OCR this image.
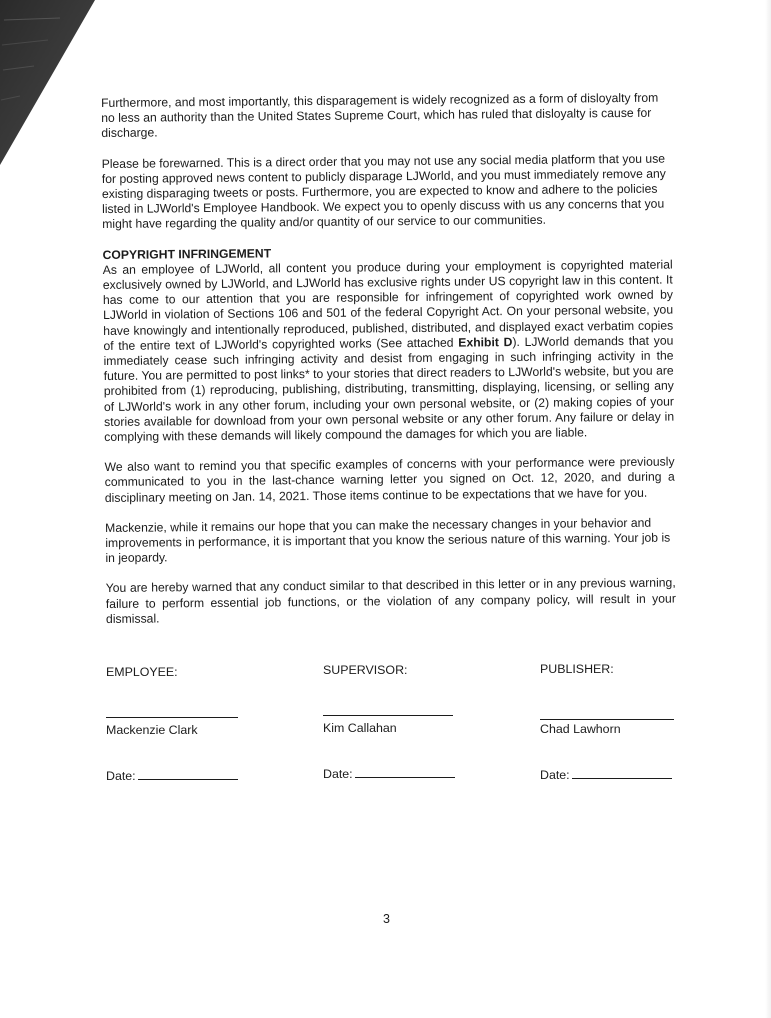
Furthermore, and most importantly, this disparagement is widely recognized as a form of disloyalty from no less an authority than the United States Supreme Court, which has ruled that disloyalty is cause for discharge.

Please be forewarned. This is a direct order that you may not use any social media platform that you use for posting approved news content to publicly disparage LJWorld, and you must immediately remove any existing disparaging tweets or posts. Furthermore, you are expected to know and adhere to the policies listed in LJWorld's Employee Handbook. We expect you to openly discuss with us any concerns that you might have regarding the quality and/or quantity of our service to our communities.

COPYRIGHT INFRINGEMENT

As an employee of LJWorld, all content you produce during your employment is copyrighted material exclusively owned by LJWorld, and LJWorld has exclusive rights under US copyright law in this content. It has come to our attention that you are responsible for infringement of copyrighted work owned by LJWorld in violation of Sections 106 and 501 of the federal Copyright Act. On your personal website, you have knowingly and intentionally reproduced, published, distributed, and displayed exact verbatim copies of the entire text of LJWorld's copyrighted works (See attached Exhibit D). LJWorld demands that you immediately cease such infringing activity and desist from engaging in such infringing activity in the future. You are permitted to post links* to your stories that direct readers to LJWorld's website, but you are prohibited from (1) reproducing, publishing, distributing, transmitting, displaying, licensing, or selling any of LJWorld's work in any other forum, including your own personal website, or (2) making copies of your stories available for download from your own personal website or any other forum. Any failure or delay in complying with these demands will likely compound the damages for which you are liable.

We also want to remind you that specific examples of concerns with your performance were previously communicated to you in the last-chance warning letter you signed on Oct. 12, 2020, and during a disciplinary meeting on Jan. 14, 2021. Those items continue to be expectations that we have for you.

Mackenzie, while it remains our hope that you can make the necessary changes in your behavior and improvements in performance, it is important that you know the serious nature of this warning. Your job is in jeopardy.

You are hereby warned that any conduct similar to that described in this letter or in any previous warning, failure to perform essential job functions, or the violation of any company policy, will result in your dismissal.

EMPLOYEE:
Mackenzie Clark
Date:
SUPERVISOR:
Kim Callahan
Date:
PUBLISHER:
Chad Lawhorn
Date:
3
